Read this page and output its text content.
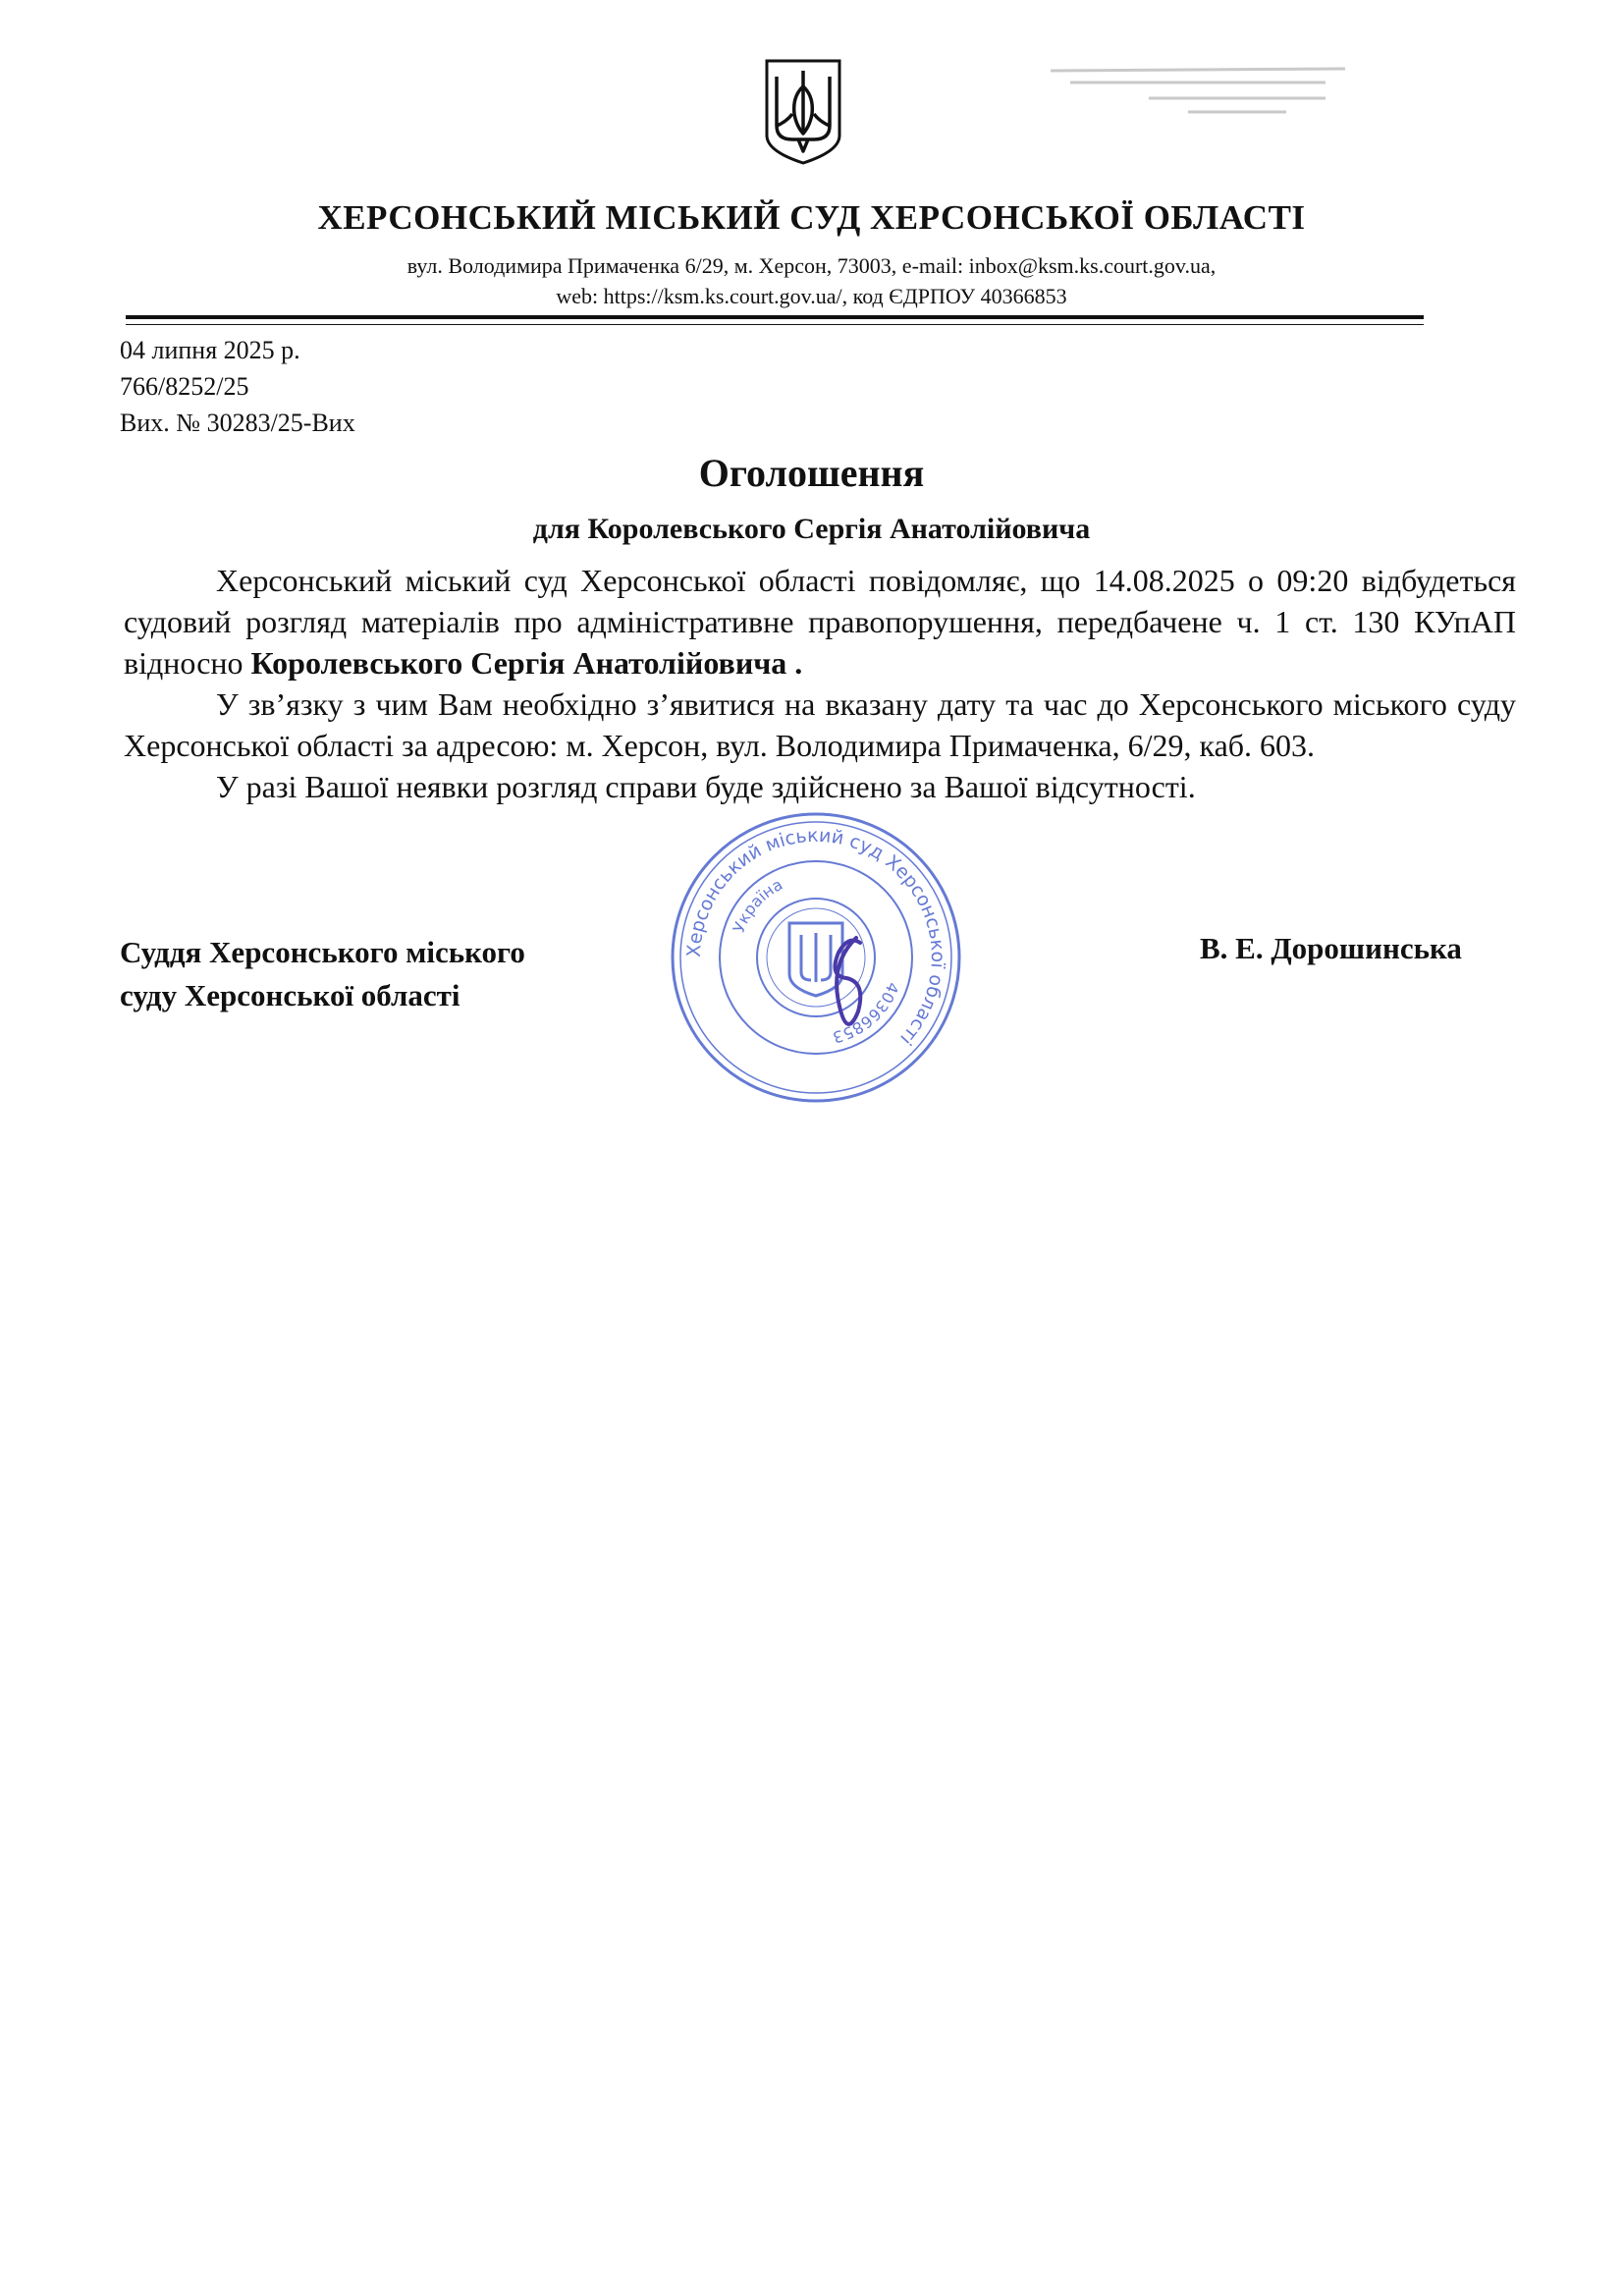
ХЕРСОНСЬКИЙ МІСЬКИЙ СУД ХЕРСОНСЬКОЇ ОБЛАСТІ
вул. Володимира Примаченка 6/29, м. Херсон, 73003, e-mail: inbox@ksm.ks.court.gov.ua,
web: https://ksm.ks.court.gov.ua/, код ЄДРПОУ 40366853
04 липня 2025 р.
766/8252/25
Вих. № 30283/25-Вих
Оголошення
для Королевського Сергія Анатолійовича

Херсонський міський суд Херсонської області повідомляє, що 14.08.2025 о 09:20 відбудеться судовий розгляд матеріалів про адміністративне правопорушення, передбачене ч. 1 ст. 130 КУпАП відносно Королевського Сергія Анатолійовича .

У зв’язку з чим Вам необхідно з’явитися на вказану дату та час до Херсонського міського суду Херсонської області за адресою: м. Херсон, вул. Володимира Примаченка, 6/29, каб. 603.

У разі Вашої неявки розгляд справи буде здійснено за Вашої відсутності.

Суддя Херсонського міського
суду Херсонської області
В. Е. Дорошинська
Херсонський міський суд Херсонської області
Україна
40366853
